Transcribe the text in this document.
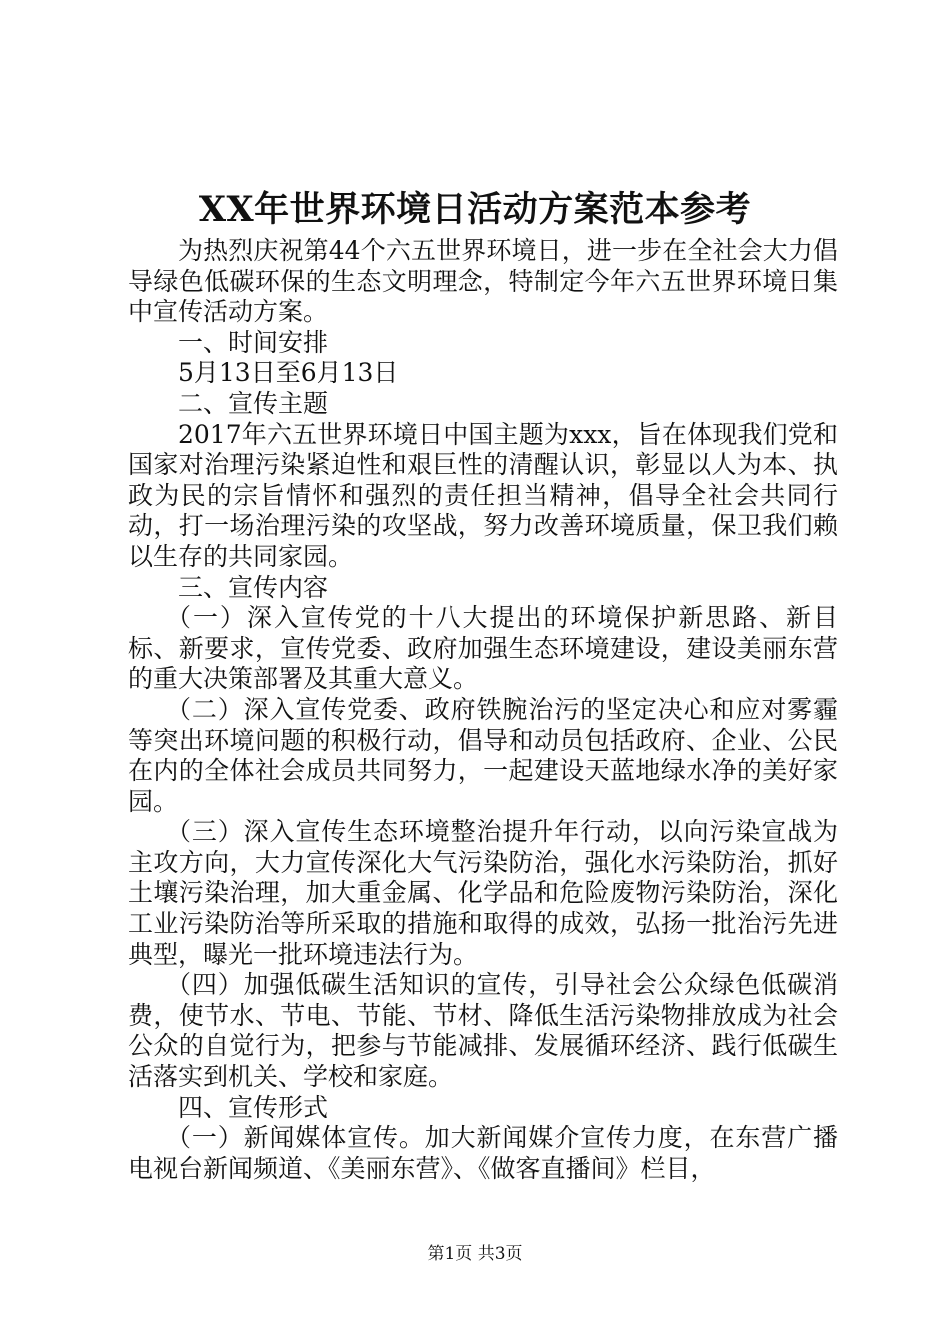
XX年世界环境日活动方案范本参考

为热烈庆祝第44个六五世界环境日，进一步在全社会大力倡导绿色低碳环保的生态文明理念，特制定今年六五世界环境日集中宣传活动方案。

一、时间安排

5月13日至6月13日

二、宣传主题

2017年六五世界环境日中国主题为xxx，旨在体现我们党和国家对治理污染紧迫性和艰巨性的清醒认识，彰显以人为本、执政为民的宗旨情怀和强烈的责任担当精神，倡导全社会共同行动，打一场治理污染的攻坚战，努力改善环境质量，保卫我们赖以生存的共同家园。

三、宣传内容

（一）深入宣传党的十八大提出的环境保护新思路、新目标、新要求，宣传党委、政府加强生态环境建设，建设美丽东营的重大决策部署及其重大意义。

（二）深入宣传党委、政府铁腕治污的坚定决心和应对雾霾等突出环境问题的积极行动，倡导和动员包括政府、企业、公民在内的全体社会成员共同努力，一起建设天蓝地绿水净的美好家园。

（三）深入宣传生态环境整治提升年行动，以向污染宣战为主攻方向，大力宣传深化大气污染防治，强化水污染防治，抓好土壤污染治理，加大重金属、化学品和危险废物污染防治，深化工业污染防治等所采取的措施和取得的成效，弘扬一批治污先进典型，曝光一批环境违法行为。

（四）加强低碳生活知识的宣传，引导社会公众绿色低碳消费，使节水、节电、节能、节材、降低生活污染物排放成为社会公众的自觉行为，把参与节能减排、发展循环经济、践行低碳生活落实到机关、学校和家庭。

四、宣传形式

（一）新闻媒体宣传。加大新闻媒介宣传力度，在东营广播电视台新闻频道、《美丽东营》、《做客直播间》栏目，

第1页 共3页
